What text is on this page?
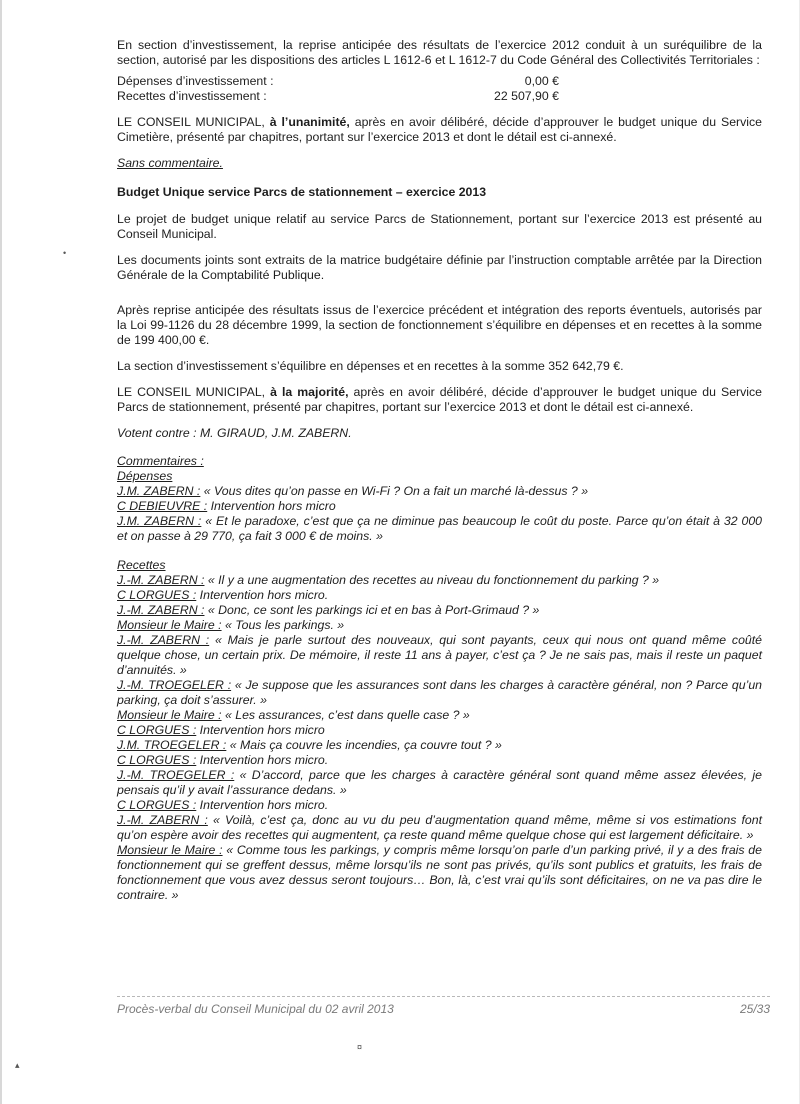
En section d’investissement, la reprise anticipée des résultats de l’exercice 2012 conduit à un suréquilibre de la section, autorisé par les dispositions des articles L 1612-6 et L 1612-7 du Code Général des Collectivités Territoriales :

Dépenses d’investissement :	0,00 €
Recettes d’investissement :	22 507,90 €

LE CONSEIL MUNICIPAL, à l’unanimité, après en avoir délibéré, décide d’approuver le budget unique du Service Cimetière, présenté par chapitres, portant sur l’exercice 2013 et dont le détail est ci-annexé.

Sans commentaire.

Budget Unique service Parcs de stationnement – exercice 2013

Le projet de budget unique relatif au service Parcs de Stationnement, portant sur l’exercice 2013 est présenté au Conseil Municipal.

Les documents joints sont extraits de la matrice budgétaire définie par l’instruction comptable arrêtée par la Direction Générale de la Comptabilité Publique.

Après reprise anticipée des résultats issus de l’exercice précédent et intégration des reports éventuels, autorisés par la Loi 99-1126 du 28 décembre 1999, la section de fonctionnement s’équilibre en dépenses et en recettes à la somme de 199 400,00 €.

La section d’investissement s’équilibre en dépenses et en recettes à la somme 352 642,79 €.

LE CONSEIL MUNICIPAL, à la majorité, après en avoir délibéré, décide d’approuver le budget unique du Service Parcs de stationnement, présenté par chapitres, portant sur l’exercice 2013 et dont le détail est ci-annexé.

Votent contre : M. GIRAUD, J.M. ZABERN.

Commentaires :

Dépenses

J.M. ZABERN : « Vous dites qu’on passe en Wi-Fi ? On a fait un marché là-dessus ? »

C DEBIEUVRE : Intervention hors micro

J.M. ZABERN : « Et le paradoxe, c’est que ça ne diminue pas beaucoup le coût du poste. Parce qu’on était à 32 000 et on passe à 29 770, ça fait 3 000 € de moins. »

Recettes

J.-M. ZABERN : « Il y a une augmentation des recettes au niveau du fonctionnement du parking ? »

C LORGUES : Intervention hors micro.

J.-M. ZABERN : « Donc, ce sont les parkings ici et en bas à Port-Grimaud ? »

Monsieur le Maire : « Tous les parkings. »

J.-M. ZABERN : « Mais je parle surtout des nouveaux, qui sont payants, ceux qui nous ont quand même coûté quelque chose, un certain prix. De mémoire, il reste 11 ans à payer, c’est ça ? Je ne sais pas, mais il reste un paquet d’annuités. »

J.-M. TROEGELER : « Je suppose que les assurances sont dans les charges à caractère général, non ? Parce qu’un parking, ça doit s’assurer. »

Monsieur le Maire : « Les assurances, c’est dans quelle case ? »

C LORGUES : Intervention hors micro

J.M. TROEGELER : « Mais ça couvre les incendies, ça couvre tout ? »

C LORGUES : Intervention hors micro.

J.-M. TROEGELER : « D’accord, parce que les charges à caractère général sont quand même assez élevées, je pensais qu’il y avait l’assurance dedans. »

C LORGUES : Intervention hors micro.

J.-M. ZABERN : « Voilà, c’est ça, donc au vu du peu d’augmentation quand même, même si vos estimations font qu’on espère avoir des recettes qui augmentent, ça reste quand même quelque chose qui est largement déficitaire. »

Monsieur le Maire : « Comme tous les parkings, y compris même lorsqu’on parle d’un parking privé, il y a des frais de fonctionnement qui se greffent dessus, même lorsqu’ils ne sont pas privés, qu’ils sont publics et gratuits, les frais de fonctionnement que vous avez dessus seront toujours… Bon, là, c’est vrai qu’ils sont déficitaires, on ne va pas dire le contraire. »

Procès-verbal du Conseil Municipal du 02 avril 2013	25/33
•
▴
¤
